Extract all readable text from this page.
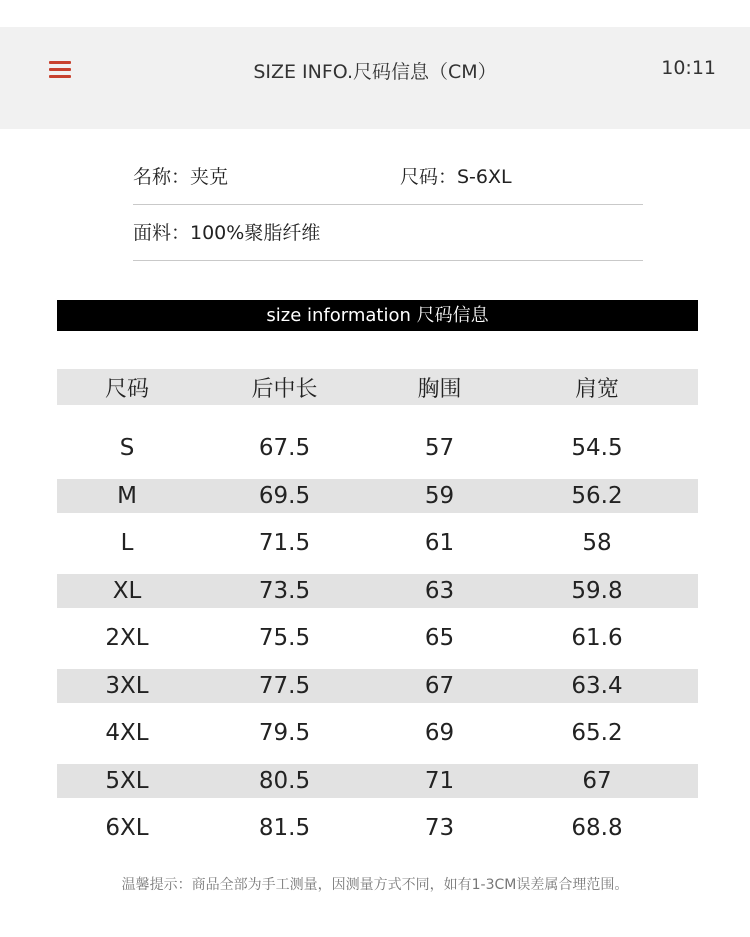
SIZE INFO.尺码信息（CM）	10:11
名称：夹克	尺码：S-6XL
面料：100%聚脂纤维
size information 尺码信息
尺码	后中长	胸围	肩宽
S	67.5	57	54.5
M	69.5	59	56.2
L	71.5	61	58
XL	73.5	63	59.8
2XL	75.5	65	61.6
3XL	77.5	67	63.4
4XL	79.5	69	65.2
5XL	80.5	71	67
6XL	81.5	73	68.8
温馨提示：商品全部为手工测量，因测量方式不同，如有1-3CM误差属合理范围。
